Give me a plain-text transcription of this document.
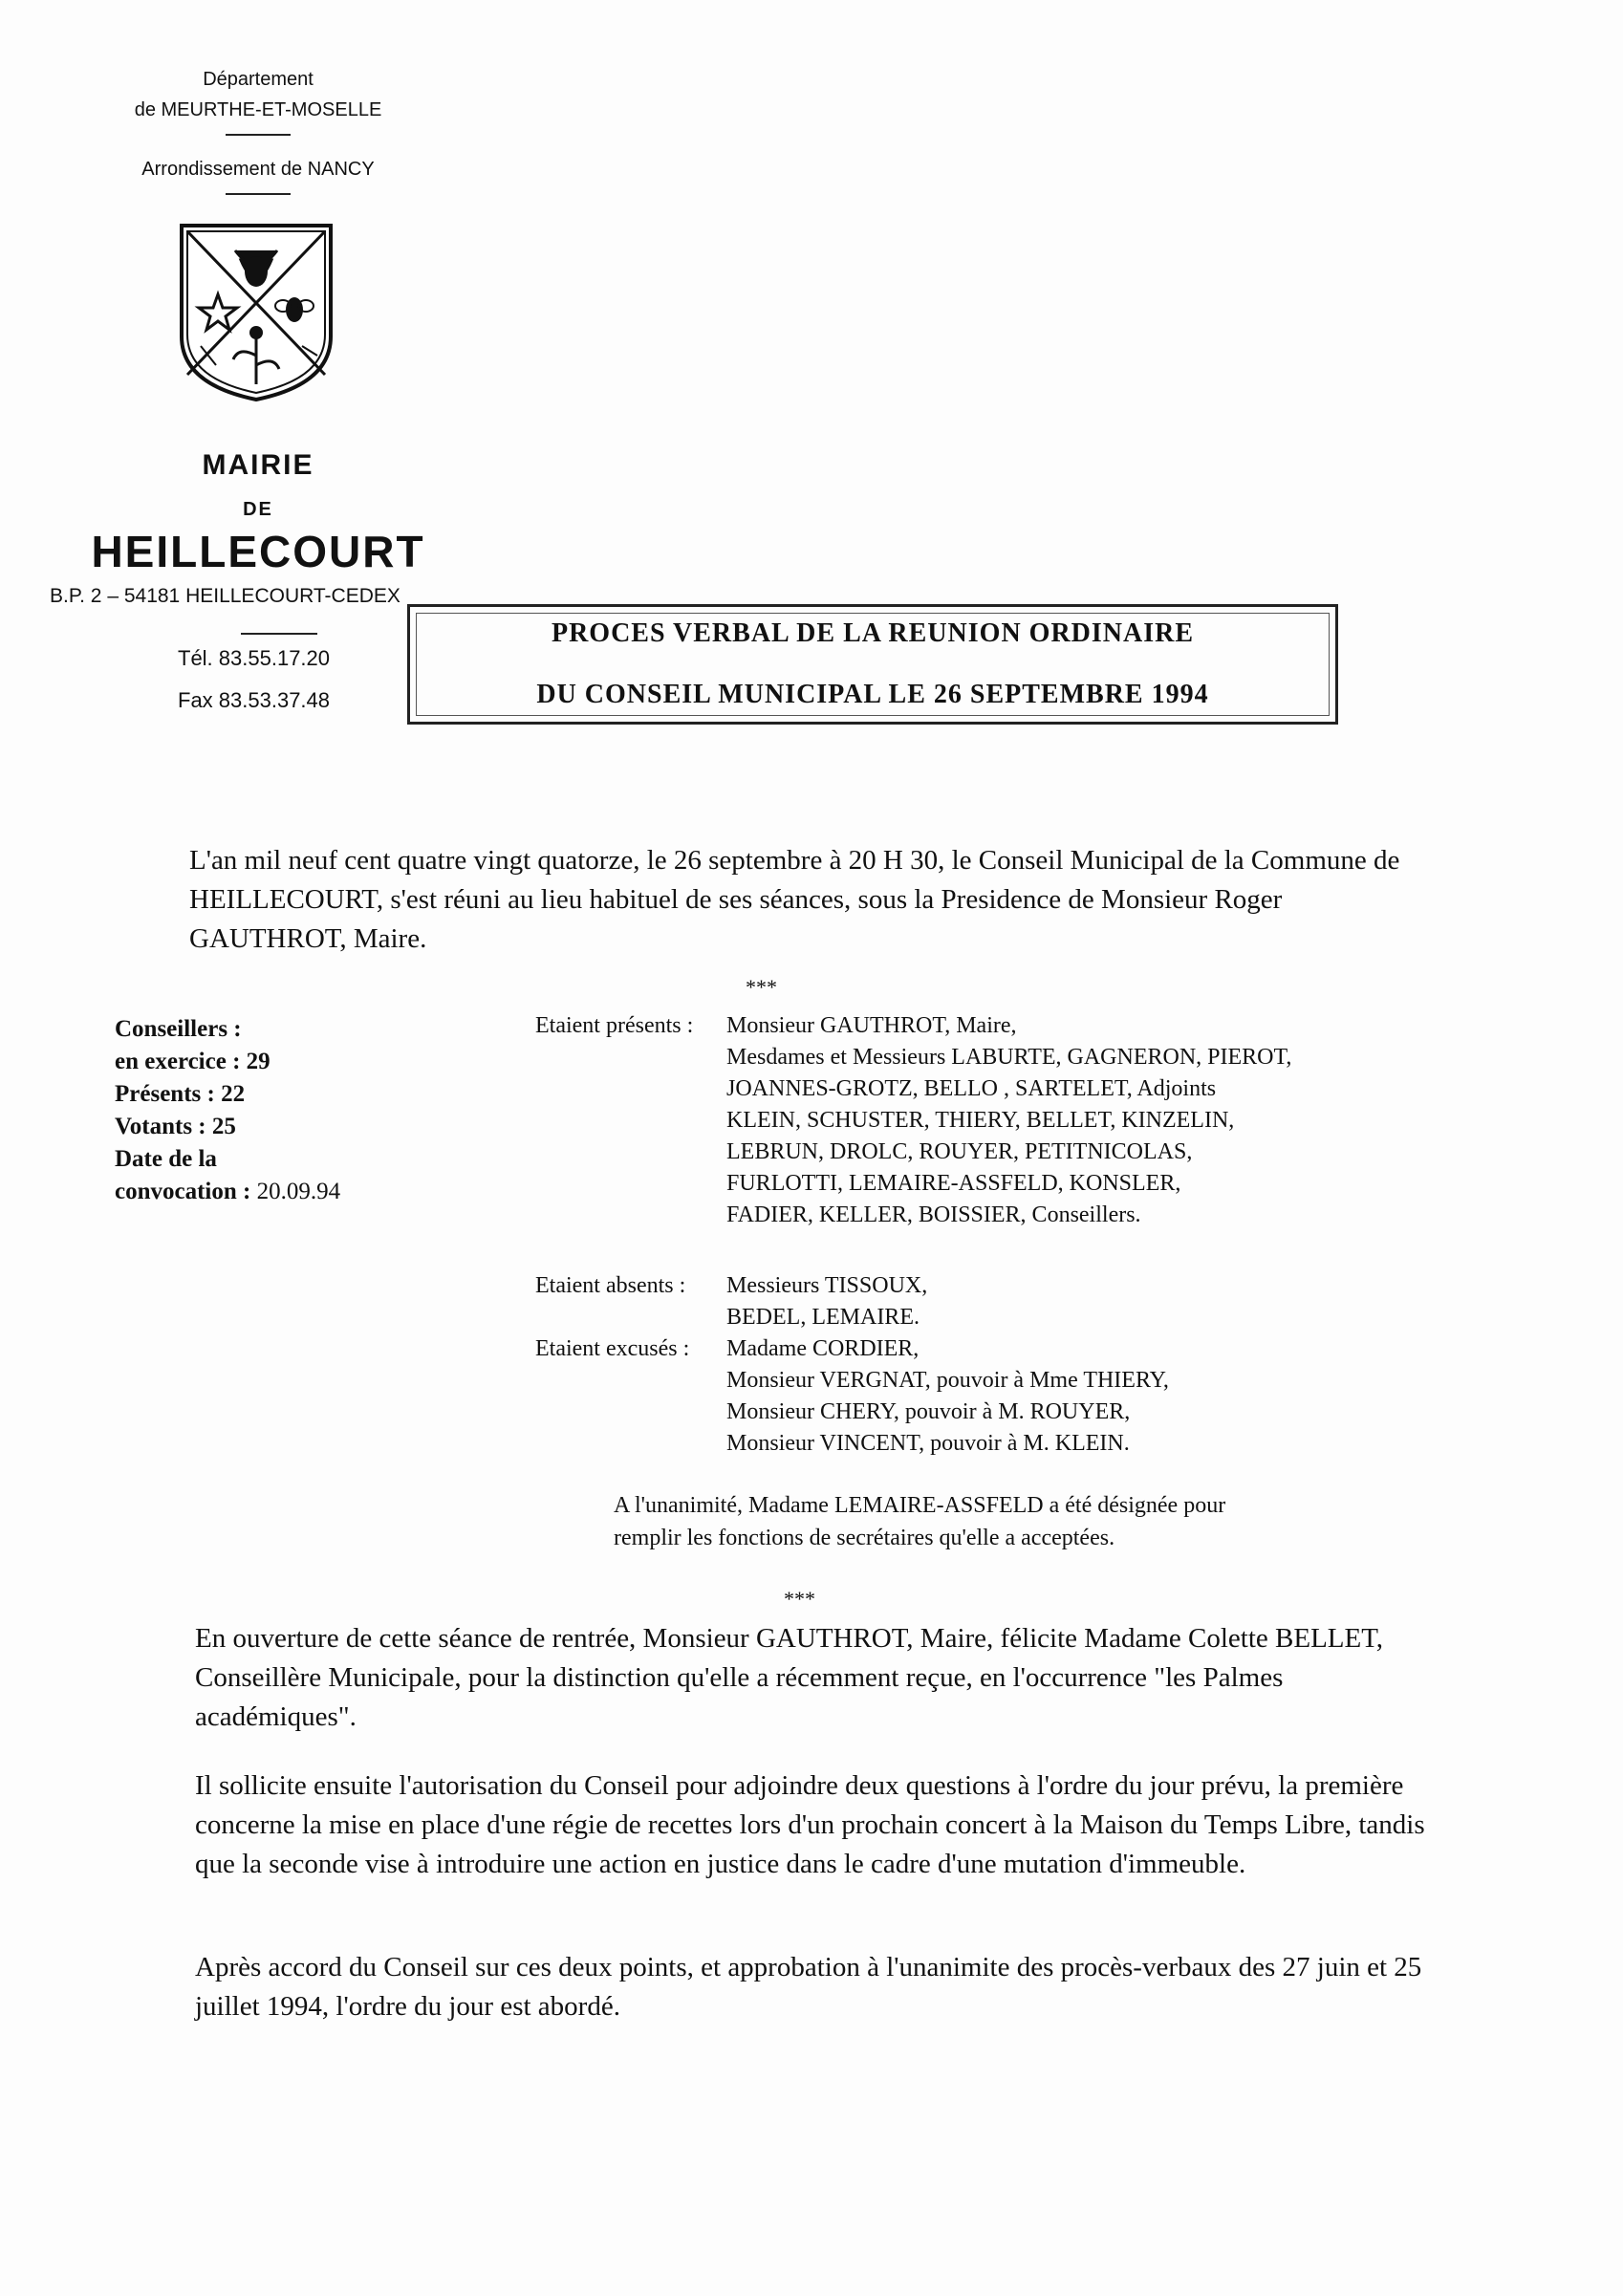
Département
de MEURTHE-ET-MOSELLE
Arrondissement de NANCY
MAIRIE
DE
HEILLECOURT
B.P. 2 – 54181 HEILLECOURT-CEDEX
Tél. 83.55.17.20
Fax 83.53.37.48
PROCES VERBAL DE LA REUNION ORDINAIRE
DU CONSEIL MUNICIPAL LE 26 SEPTEMBRE 1994
L'an mil neuf cent quatre vingt quatorze, le 26 septembre à 20 H 30, le Conseil Municipal de la Commune de HEILLECOURT, s'est réuni au lieu habituel de ses séances, sous la Presidence de Monsieur Roger GAUTHROT, Maire.
***
Conseillers :
en exercice : 29
Présents : 22
Votants : 25
Date de la
convocation : 20.09.94
Etaient présents : Monsieur GAUTHROT, Maire,
Mesdames et Messieurs LABURTE, GAGNERON, PIEROT,
JOANNES-GROTZ, BELLO , SARTELET, Adjoints
KLEIN, SCHUSTER, THIERY, BELLET, KINZELIN,
LEBRUN, DROLC, ROUYER, PETITNICOLAS,
FURLOTTI, LEMAIRE-ASSFELD, KONSLER,
FADIER, KELLER, BOISSIER, Conseillers.
Etaient absents : Messieurs TISSOUX,
BEDEL, LEMAIRE.
Etaient excusés : Madame CORDIER,
Monsieur VERGNAT, pouvoir à Mme THIERY,
Monsieur CHERY, pouvoir à M. ROUYER,
Monsieur VINCENT, pouvoir à M. KLEIN.
A l'unanimité, Madame LEMAIRE-ASSFELD a été désignée pour
remplir les fonctions de secrétaires qu'elle a acceptées.
***
En ouverture de cette séance de rentrée, Monsieur GAUTHROT, Maire, félicite Madame Colette BELLET, Conseillère Municipale, pour la distinction qu'elle a récemment reçue, en l'occurrence "les Palmes académiques".
Il sollicite ensuite l'autorisation du Conseil pour adjoindre deux questions à l'ordre du jour prévu, la première concerne la mise en place d'une régie de recettes lors d'un prochain concert à la Maison du Temps Libre, tandis que la seconde vise à introduire une action en justice dans le cadre d'une mutation d'immeuble.
Après accord du Conseil sur ces deux points, et approbation à l'unanimite des procès-verbaux des 27 juin et 25 juillet 1994, l'ordre du jour est abordé.
